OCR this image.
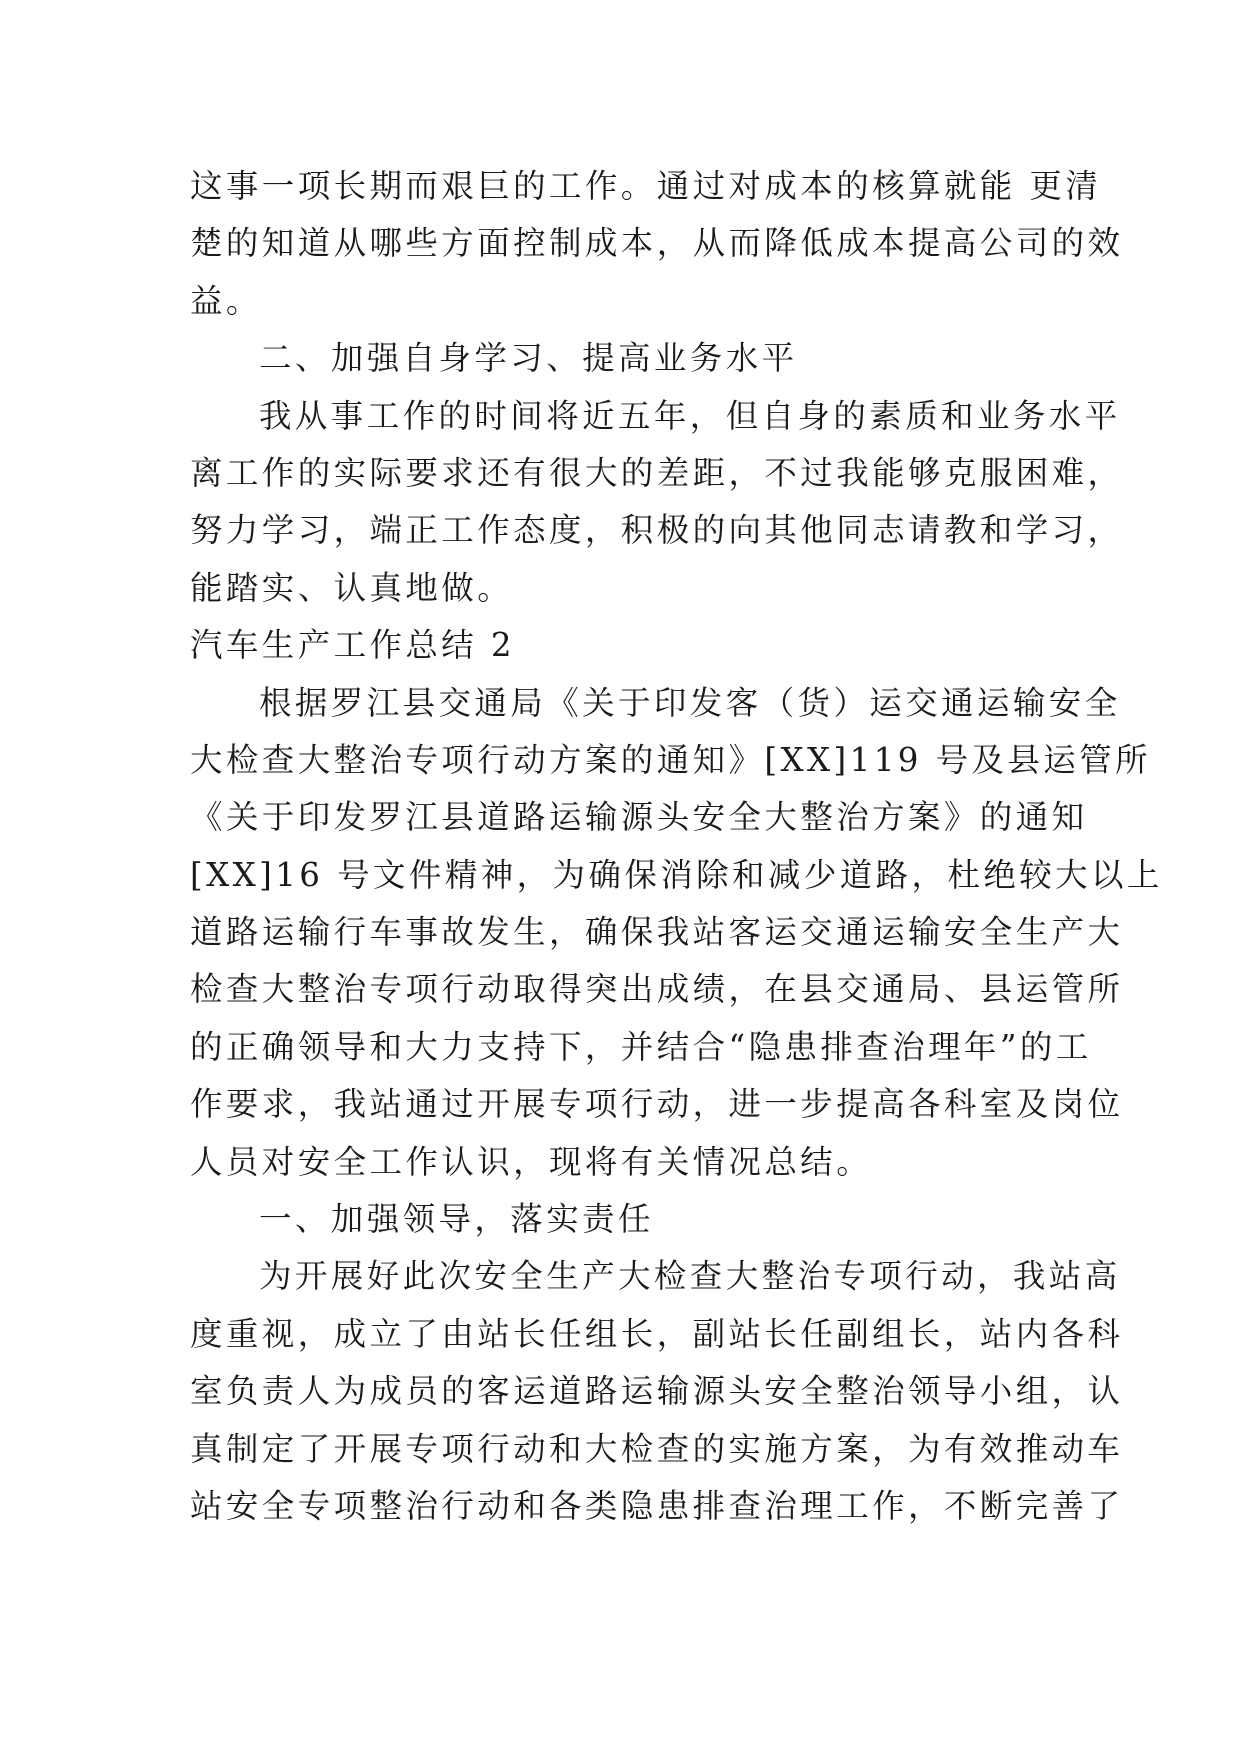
这事一项长期而艰巨的工作。通过对成本的核算就能 更清
楚的知道从哪些方面控制成本，从而降低成本提高公司的效
益。
二、加强自身学习、提高业务水平
我从事工作的时间将近五年，但自身的素质和业务水平
离工作的实际要求还有很大的差距，不过我能够克服困难，
努力学习，端正工作态度，积极的向其他同志请教和学习，
能踏实、认真地做。
汽车生产工作总结 2
根据罗江县交通局《关于印发客（货）运交通运输安全
大检查大整治专项行动方案的通知》[XX]119 号及县运管所
《关于印发罗江县道路运输源头安全大整治方案》的通知
[XX]16 号文件精神，为确保消除和减少道路，杜绝较大以上
道路运输行车事故发生，确保我站客运交通运输安全生产大
检查大整治专项行动取得突出成绩，在县交通局、县运管所
的正确领导和大力支持下，并结合“隐患排查治理年”的工
作要求，我站通过开展专项行动，进一步提高各科室及岗位
人员对安全工作认识，现将有关情况总结。
一、加强领导，落实责任
为开展好此次安全生产大检查大整治专项行动，我站高
度重视，成立了由站长任组长，副站长任副组长，站内各科
室负责人为成员的客运道路运输源头安全整治领导小组，认
真制定了开展专项行动和大检查的实施方案，为有效推动车
站安全专项整治行动和各类隐患排查治理工作，不断完善了
